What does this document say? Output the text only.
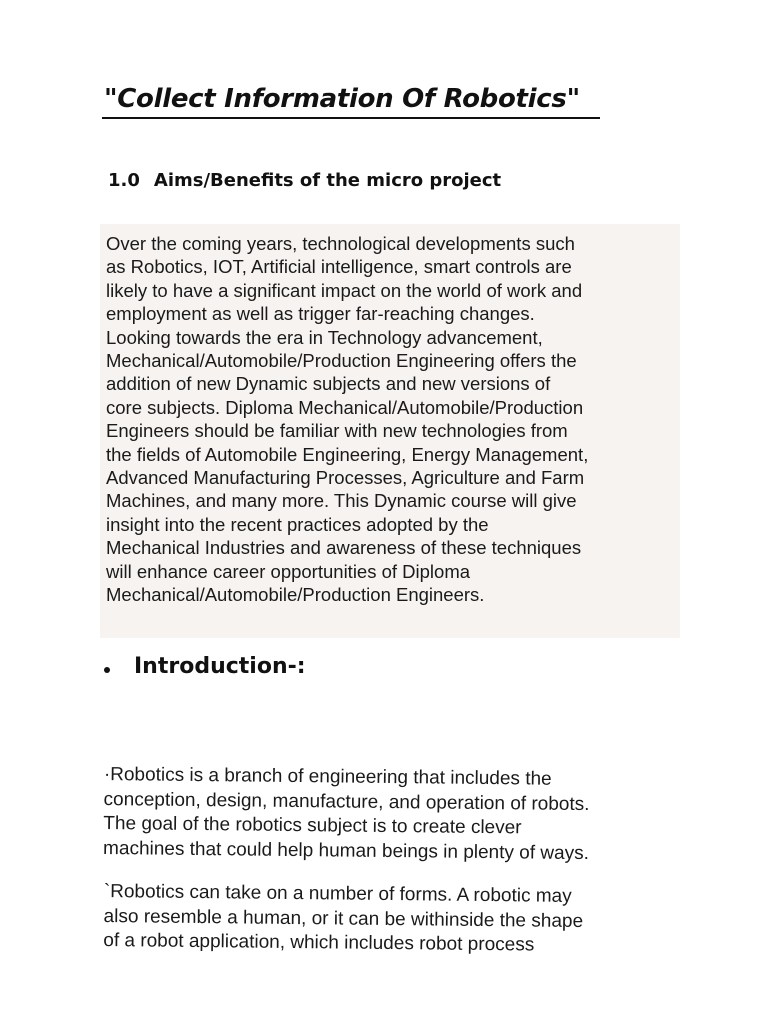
"Collect Information Of Robotics"
1.0 Aims/Benefits of the micro project

Over the coming years, technological developments such
as Robotics, IOT, Artificial intelligence, smart controls are
likely to have a significant impact on the world of work and
employment as well as trigger far-reaching changes.
Looking towards the era in Technology advancement,
Mechanical/Automobile/Production Engineering offers the
addition of new Dynamic subjects and new versions of
core subjects. Diploma Mechanical/Automobile/Production
Engineers should be familiar with new technologies from
the fields of Automobile Engineering, Energy Management,
Advanced Manufacturing Processes, Agriculture and Farm
Machines, and many more. This Dynamic course will give
insight into the recent practices adopted by the
Mechanical Industries and awareness of these techniques
will enhance career opportunities of Diploma
Mechanical/Automobile/Production Engineers.

Introduction-:

·Robotics is a branch of engineering that includes the
conception, design, manufacture, and operation of robots.
The goal of the robotics subject is to create clever
machines that could help human beings in plenty of ways.

`Robotics can take on a number of forms. A robotic may
also resemble a human, or it can be withinside the shape
of a robot application, which includes robot process
